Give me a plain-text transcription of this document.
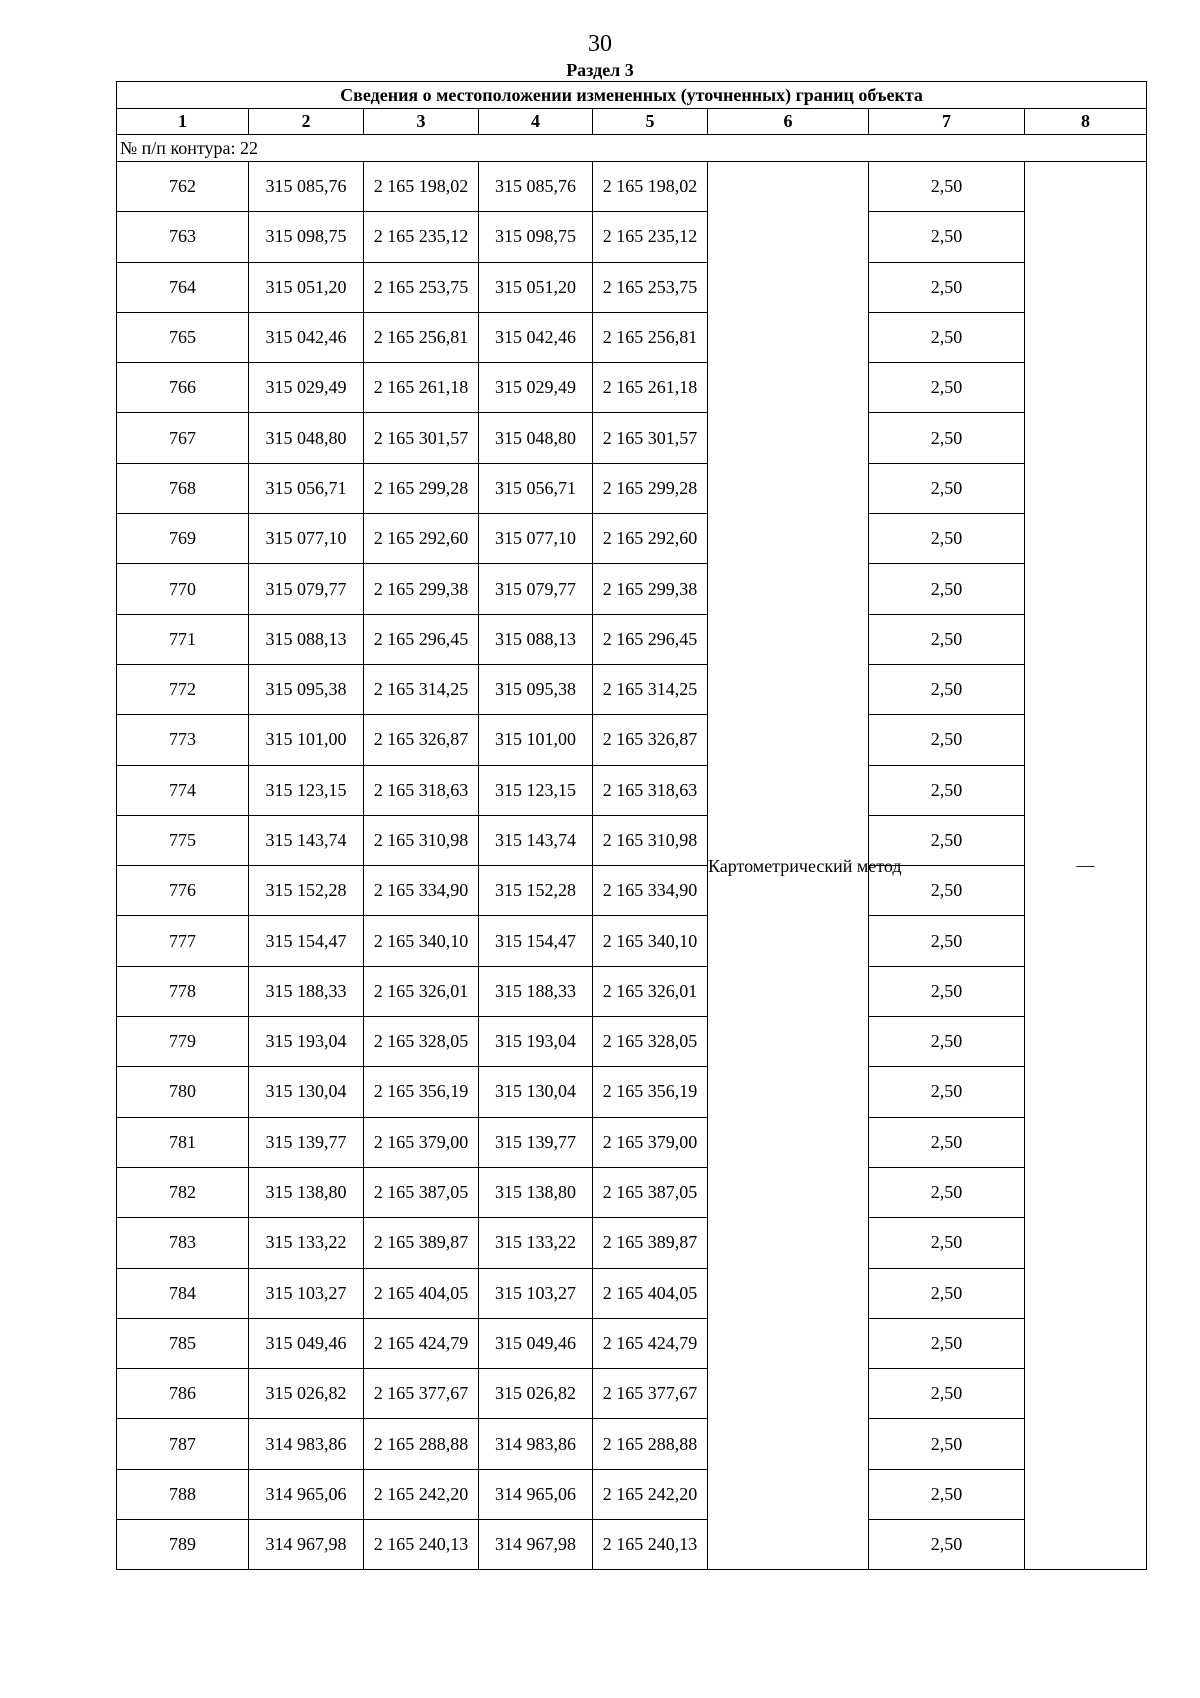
30
Раздел 3
Сведения о местоположении измененных (уточненных) границ объекта							
1	2	3	4	5	6	7	8
№ п/п контура: 22							
762	315 085,76	2 165 198,02	315 085,76	2 165 198,02	Картометрический метод	2,50	—
763	315 098,75	2 165 235,12	315 098,75	2 165 235,12		2,50	
764	315 051,20	2 165 253,75	315 051,20	2 165 253,75		2,50	
765	315 042,46	2 165 256,81	315 042,46	2 165 256,81		2,50	
766	315 029,49	2 165 261,18	315 029,49	2 165 261,18		2,50	
767	315 048,80	2 165 301,57	315 048,80	2 165 301,57		2,50	
768	315 056,71	2 165 299,28	315 056,71	2 165 299,28		2,50	
769	315 077,10	2 165 292,60	315 077,10	2 165 292,60		2,50	
770	315 079,77	2 165 299,38	315 079,77	2 165 299,38		2,50	
771	315 088,13	2 165 296,45	315 088,13	2 165 296,45		2,50	
772	315 095,38	2 165 314,25	315 095,38	2 165 314,25		2,50	
773	315 101,00	2 165 326,87	315 101,00	2 165 326,87		2,50	
774	315 123,15	2 165 318,63	315 123,15	2 165 318,63		2,50	
775	315 143,74	2 165 310,98	315 143,74	2 165 310,98		2,50	
776	315 152,28	2 165 334,90	315 152,28	2 165 334,90		2,50	
777	315 154,47	2 165 340,10	315 154,47	2 165 340,10		2,50	
778	315 188,33	2 165 326,01	315 188,33	2 165 326,01		2,50	
779	315 193,04	2 165 328,05	315 193,04	2 165 328,05		2,50	
780	315 130,04	2 165 356,19	315 130,04	2 165 356,19		2,50	
781	315 139,77	2 165 379,00	315 139,77	2 165 379,00		2,50	
782	315 138,80	2 165 387,05	315 138,80	2 165 387,05		2,50	
783	315 133,22	2 165 389,87	315 133,22	2 165 389,87		2,50	
784	315 103,27	2 165 404,05	315 103,27	2 165 404,05		2,50	
785	315 049,46	2 165 424,79	315 049,46	2 165 424,79		2,50	
786	315 026,82	2 165 377,67	315 026,82	2 165 377,67		2,50	
787	314 983,86	2 165 288,88	314 983,86	2 165 288,88		2,50	
788	314 965,06	2 165 242,20	314 965,06	2 165 242,20		2,50	
789	314 967,98	2 165 240,13	314 967,98	2 165 240,13		2,50	
